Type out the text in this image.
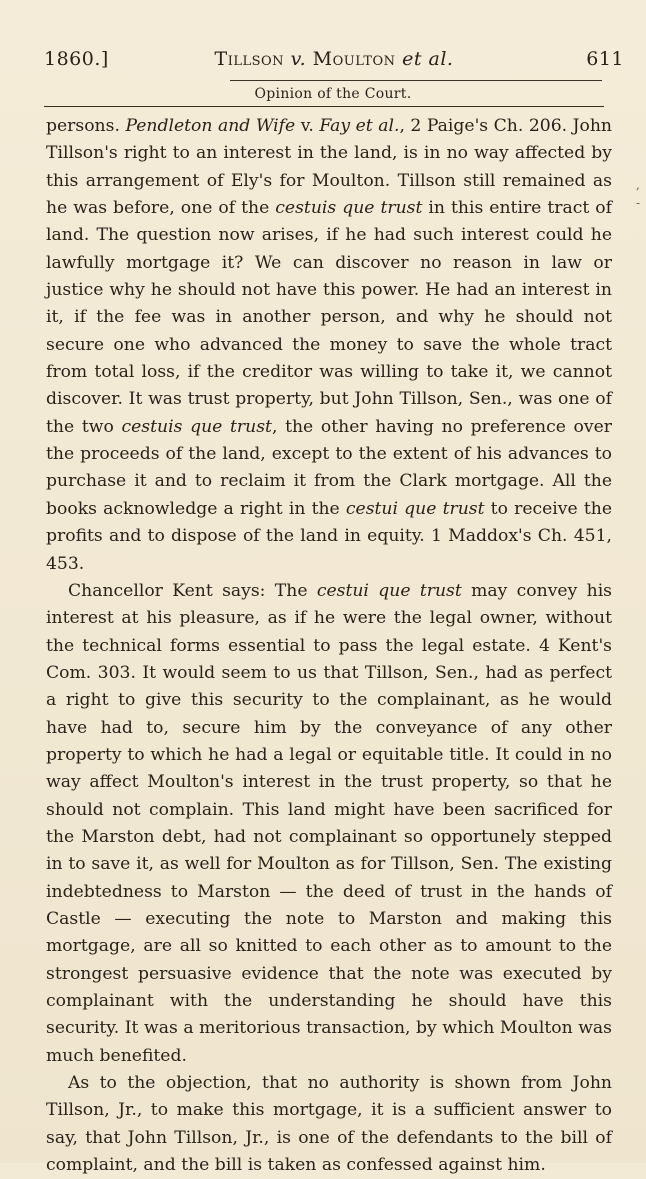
1860.]	Tillson v. Moulton et al.	611
Opinion of the Court.

persons. Pendleton and Wife v. Fay et al., 2 Paige's Ch. 206. John Tillson's right to an interest in the land, is in no way affected by this arrangement of Ely's for Moulton. Tillson still remained as he was before, one of the cestuis que trust in this entire tract of land. The question now arises, if he had such interest could he lawfully mortgage it? We can discover no reason in law or justice why he should not have this power. He had an interest in it, if the fee was in another person, and why he should not secure one who advanced the money to save the whole tract from total loss, if the creditor was willing to take it, we cannot discover. It was trust property, but John Tillson, Sen., was one of the two cestuis que trust, the other having no preference over the proceeds of the land, except to the extent of his advances to purchase it and to reclaim it from the Clark mortgage. All the books acknowledge a right in the cestui que trust to receive the profits and to dispose of the land in equity. 1 Maddox's Ch. 451, 453.

Chancellor Kent says: The cestui que trust may convey his interest at his pleasure, as if he were the legal owner, without the technical forms essential to pass the legal estate. 4 Kent's Com. 303. It would seem to us that Tillson, Sen., had as perfect a right to give this security to the complainant, as he would have had to, secure him by the conveyance of any other property to which he had a legal or equitable title. It could in no way affect Moulton's interest in the trust property, so that he should not complain. This land might have been sacrificed for the Marston debt, had not complainant so opportunely stepped in to save it, as well for Moulton as for Tillson, Sen. The existing indebtedness to Marston — the deed of trust in the hands of Castle — executing the note to Marston and making this mortgage, are all so knitted to each other as to amount to the strongest persuasive evidence that the note was executed by complainant with the understanding he should have this security. It was a meritorious transaction, by which Moulton was much benefited.

As to the objection, that no authority is shown from John Tillson, Jr., to make this mortgage, it is a sufficient answer to say, that John Tillson, Jr., is one of the defendants to the bill of complaint, and the bill is taken as confessed against him.

,
-
